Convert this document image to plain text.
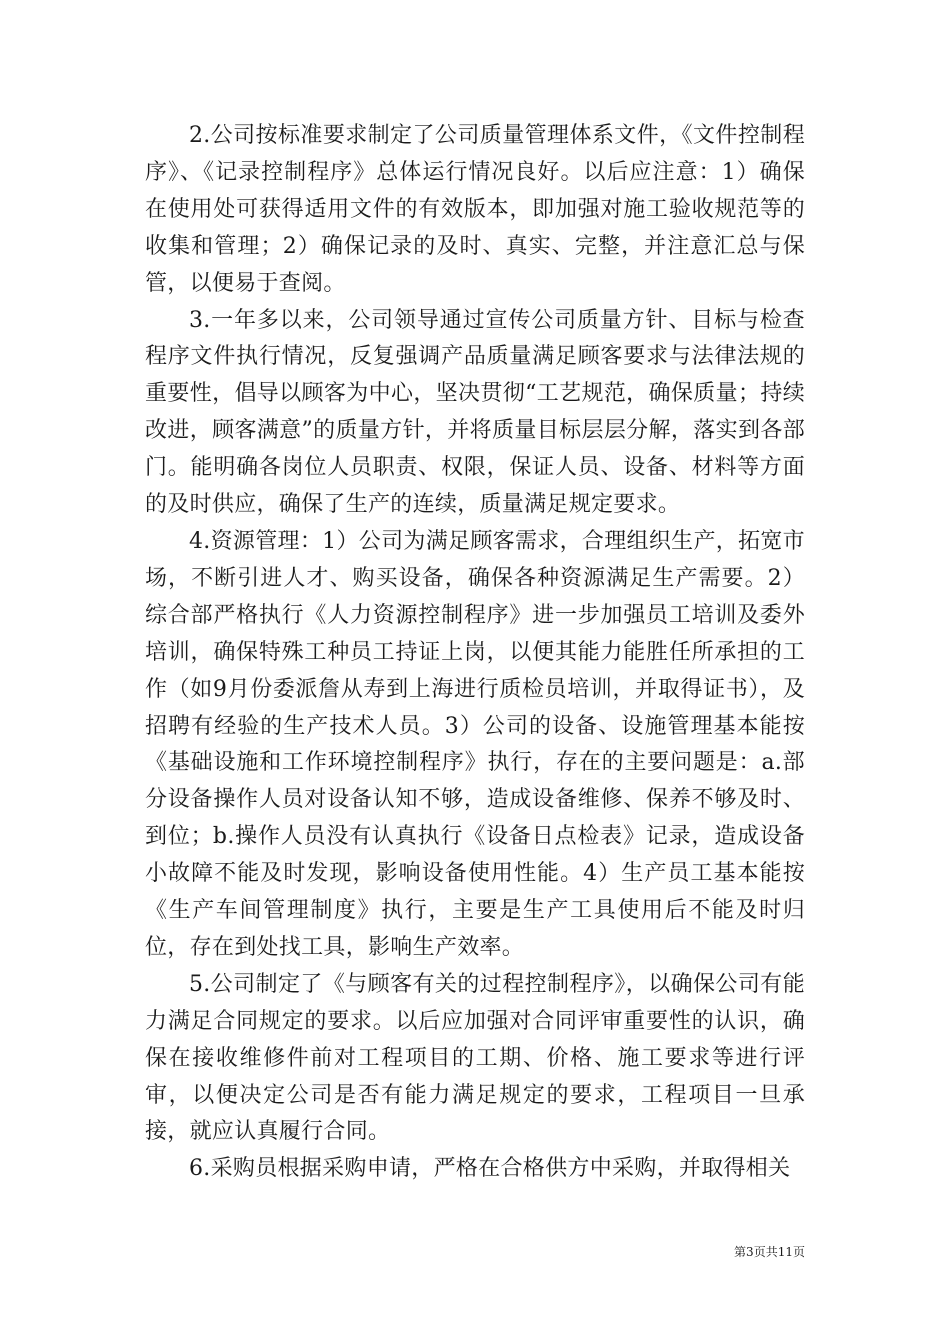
2.公司按标准要求制定了公司质量管理体系文件，《文件控制程序》、《记录控制程序》总体运行情况良好。以后应注意：1）确保在使用处可获得适用文件的有效版本，即加强对施工验收规范等的收集和管理；2）确保记录的及时、真实、完整，并注意汇总与保管，以便易于查阅。

3.一年多以来，公司领导通过宣传公司质量方针、目标与检查程序文件执行情况，反复强调产品质量满足顾客要求与法律法规的重要性，倡导以顾客为中心，坚决贯彻“工艺规范，确保质量；持续改进，顾客满意”的质量方针，并将质量目标层层分解，落实到各部门。能明确各岗位人员职责、权限，保证人员、设备、材料等方面的及时供应，确保了生产的连续，质量满足规定要求。

4.资源管理：1）公司为满足顾客需求，合理组织生产，拓宽市场，不断引进人才、购买设备，确保各种资源满足生产需要。2）综合部严格执行《人力资源控制程序》进一步加强员工培训及委外培训，确保特殊工种员工持证上岗，以便其能力能胜任所承担的工作（如9月份委派詹从寿到上海进行质检员培训，并取得证书），及招聘有经验的生产技术人员。3）公司的设备、设施管理基本能按《基础设施和工作环境控制程序》执行，存在的主要问题是：a.部分设备操作人员对设备认知不够，造成设备维修、保养不够及时、到位；b.操作人员没有认真执行《设备日点检表》记录，造成设备小故障不能及时发现，影响设备使用性能。4）生产员工基本能按《生产车间管理制度》执行，主要是生产工具使用后不能及时归位，存在到处找工具，影响生产效率。

5.公司制定了《与顾客有关的过程控制程序》，以确保公司有能力满足合同规定的要求。以后应加强对合同评审重要性的认识，确保在接收维修件前对工程项目的工期、价格、施工要求等进行评审，以便决定公司是否有能力满足规定的要求，工程项目一旦承接，就应认真履行合同。

6.采购员根据采购申请，严格在合格供方中采购，并取得相关

第3页共11页
